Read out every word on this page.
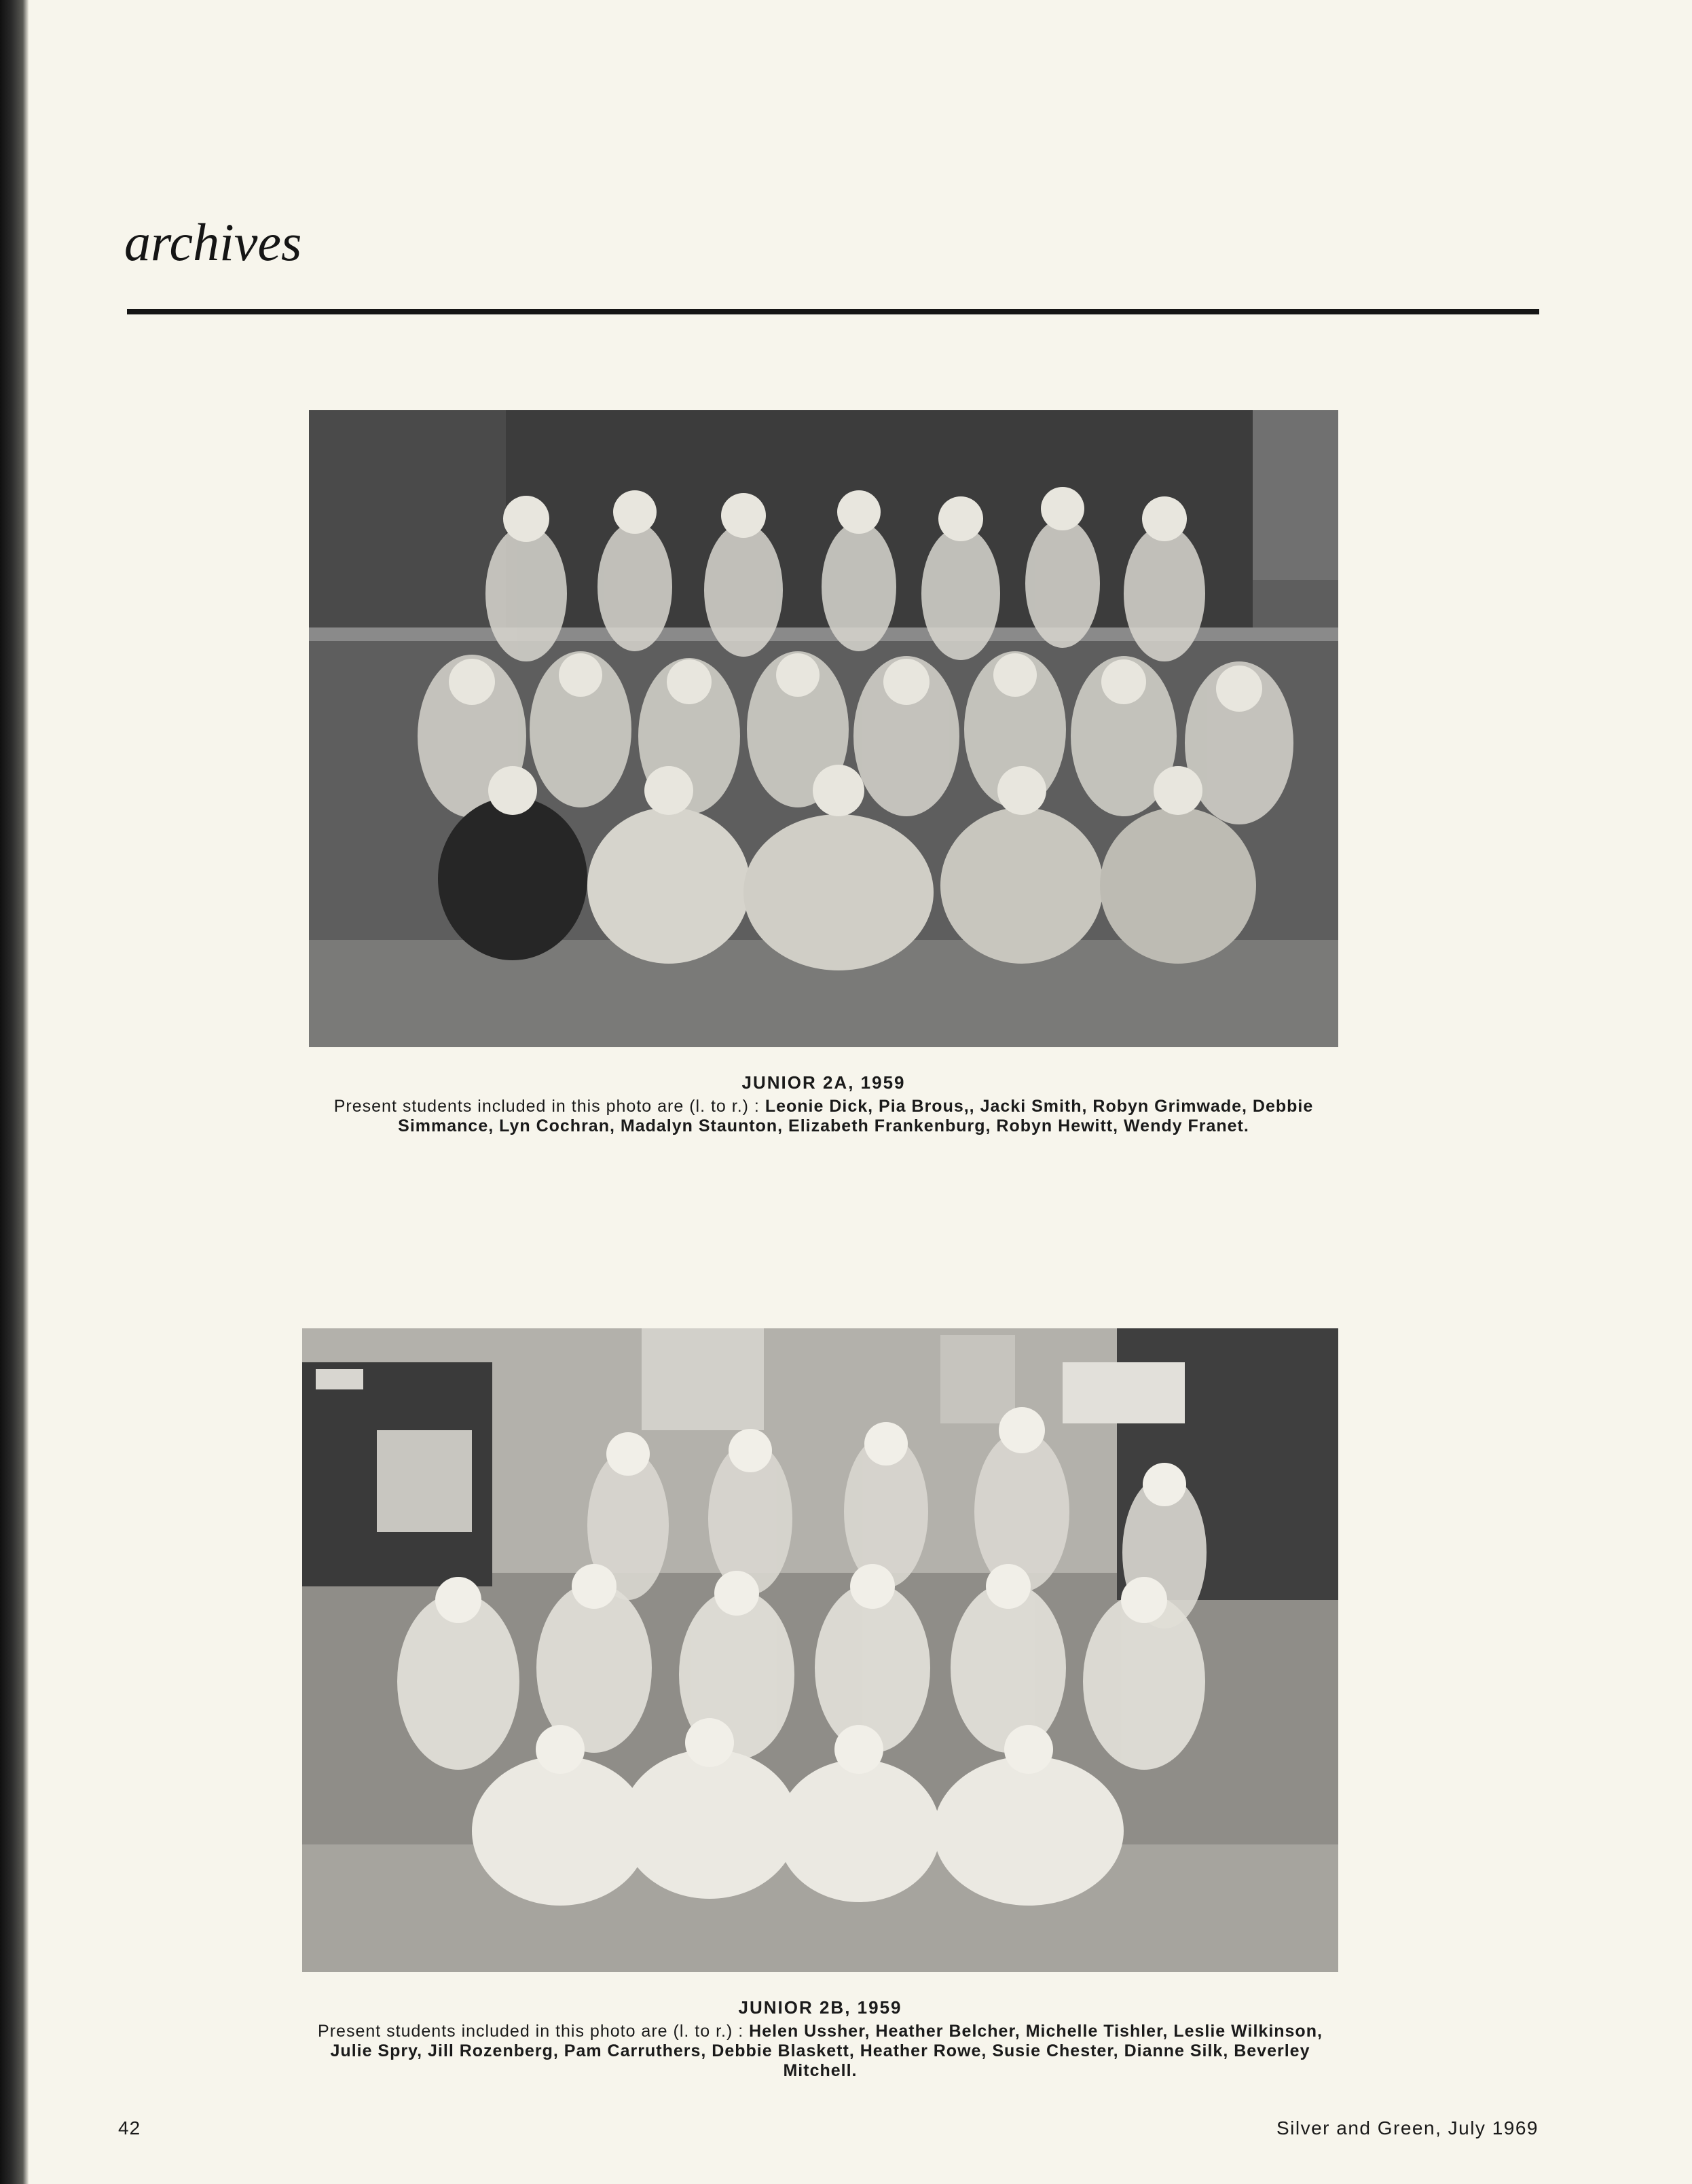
archives

JUNIOR 2A, 1959
Present students included in this photo are (l. to r.) : Leonie Dick, Pia Brous,, Jacki Smith, Robyn Grimwade, Debbie Simmance, Lyn Cochran, Madalyn Staunton, Elizabeth Frankenburg, Robyn Hewitt, Wendy Franet.

JUNIOR 2B, 1959
Present students included in this photo are (l. to r.) : Helen Ussher, Heather Belcher, Michelle Tishler, Leslie Wilkinson, Julie Spry, Jill Rozenberg, Pam Carruthers, Debbie Blaskett, Heather Rowe, Susie Chester, Dianne Silk, Beverley Mitchell.

42	Silver and Green, July 1969
